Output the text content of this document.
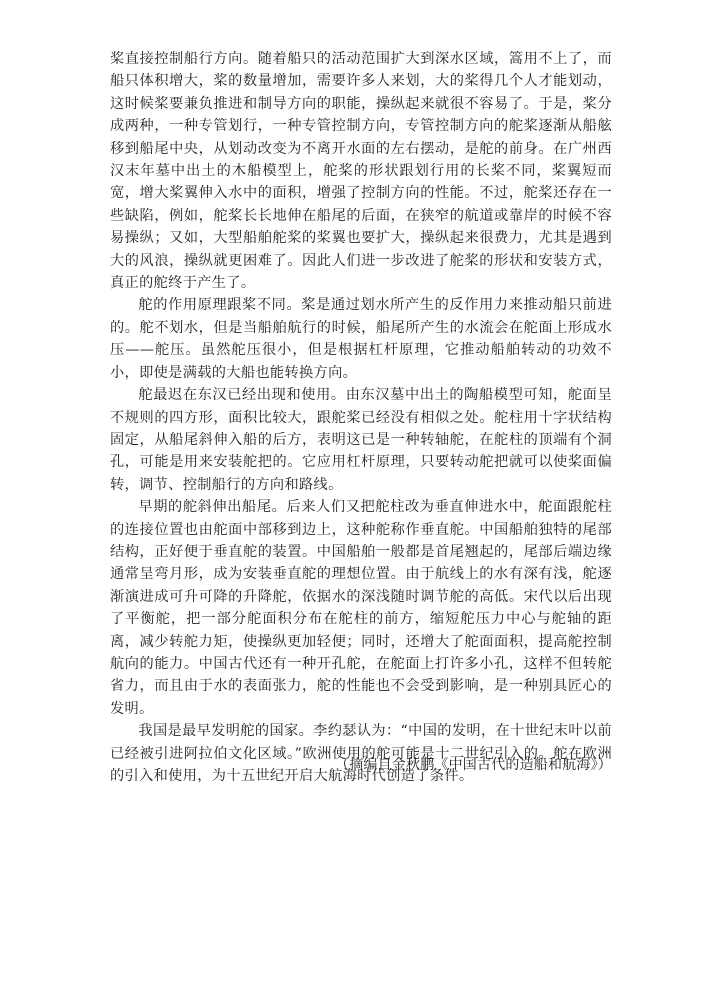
桨直接控制船行方向。随着船只的活动范围扩大到深水区域，篙用不上了，而船只体积增大，桨的数量增加，需要许多人来划，大的桨得几个人才能划动，这时候桨要兼负推进和制导方向的职能，操纵起来就很不容易了。于是，桨分成两种，一种专管划行，一种专管控制方向，专管控制方向的舵桨逐渐从船舷移到船尾中央，从划动改变为不离开水面的左右摆动，是舵的前身。在广州西汉末年墓中出土的木船模型上，舵桨的形状跟划行用的长桨不同，桨翼短而宽，增大桨翼伸入水中的面积，增强了控制方向的性能。不过，舵桨还存在一些缺陷，例如，舵桨长长地伸在船尾的后面，在狭窄的航道或靠岸的时候不容易操纵；又如，大型船舶舵桨的桨翼也要扩大，操纵起来很费力，尤其是遇到大的风浪，操纵就更困难了。因此人们进一步改进了舵桨的形状和安装方式，真正的舵终于产生了。

舵的作用原理跟桨不同。桨是通过划水所产生的反作用力来推动船只前进的。舵不划水，但是当船舶航行的时候，船尾所产生的水流会在舵面上形成水压——舵压。虽然舵压很小，但是根据杠杆原理，它推动船舶转动的功效不小，即使是满载的大船也能转换方向。

舵最迟在东汉已经出现和使用。由东汉墓中出土的陶船模型可知，舵面呈不规则的四方形，面积比较大，跟舵桨已经没有相似之处。舵柱用十字状结构固定，从船尾斜伸入船的后方，表明这已是一种转轴舵，在舵柱的顶端有个洞孔，可能是用来安装舵把的。它应用杠杆原理，只要转动舵把就可以使桨面偏转，调节、控制船行的方向和路线。

早期的舵斜伸出船尾。后来人们又把舵柱改为垂直伸进水中，舵面跟舵柱的连接位置也由舵面中部移到边上，这种舵称作垂直舵。中国船舶独特的尾部结构，正好便于垂直舵的装置。中国船舶一般都是首尾翘起的，尾部后端边缘通常呈弯月形，成为安装垂直舵的理想位置。由于航线上的水有深有浅，舵逐渐演进成可升可降的升降舵，依据水的深浅随时调节舵的高低。宋代以后出现了平衡舵，把一部分舵面积分布在舵柱的前方，缩短舵压力中心与舵轴的距离，减少转舵力矩，使操纵更加轻便；同时，还增大了舵面面积，提高舵控制航向的能力。中国古代还有一种开孔舵，在舵面上打许多小孔，这样不但转舵省力，而且由于水的表面张力，舵的性能也不会受到影响，是一种别具匠心的发明。

我国是最早发明舵的国家。李约瑟认为：“中国的发明，在十世纪末叶以前已经被引进阿拉伯文化区域。”欧洲使用的舵可能是十二世纪引入的。舵在欧洲的引入和使用，为十五世纪开启大航海时代创造了条件。

（摘编自金秋鹏《中国古代的造船和航海》）
